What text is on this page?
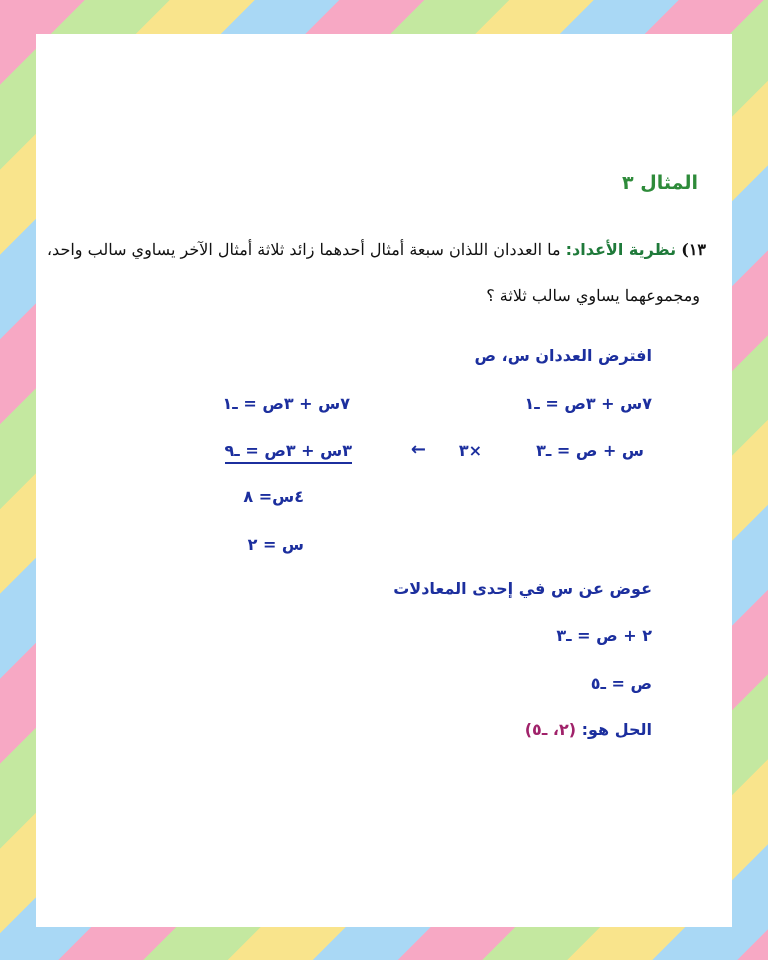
المثال ٣
١٣) نظرية الأعداد: ما العددان اللذان سبعة أمثال أحدهما زائد ثلاثة أمثال الآخر يساوي سالب واحد،
ومجموعهما يساوي سالب ثلاثة ؟
افترض العددان س، ص
٧س + ٣ص = ـ١
٧س + ٣ص = ـ١
س + ص = ـ٣
×٣
←
٣س + ٣ص = ـ٩
٤س= ٨
س = ٢
عوض عن س في إحدى المعادلات
٢ + ص = ـ٣
ص = ـ٥
الحل هو: (٢، ـ٥)
